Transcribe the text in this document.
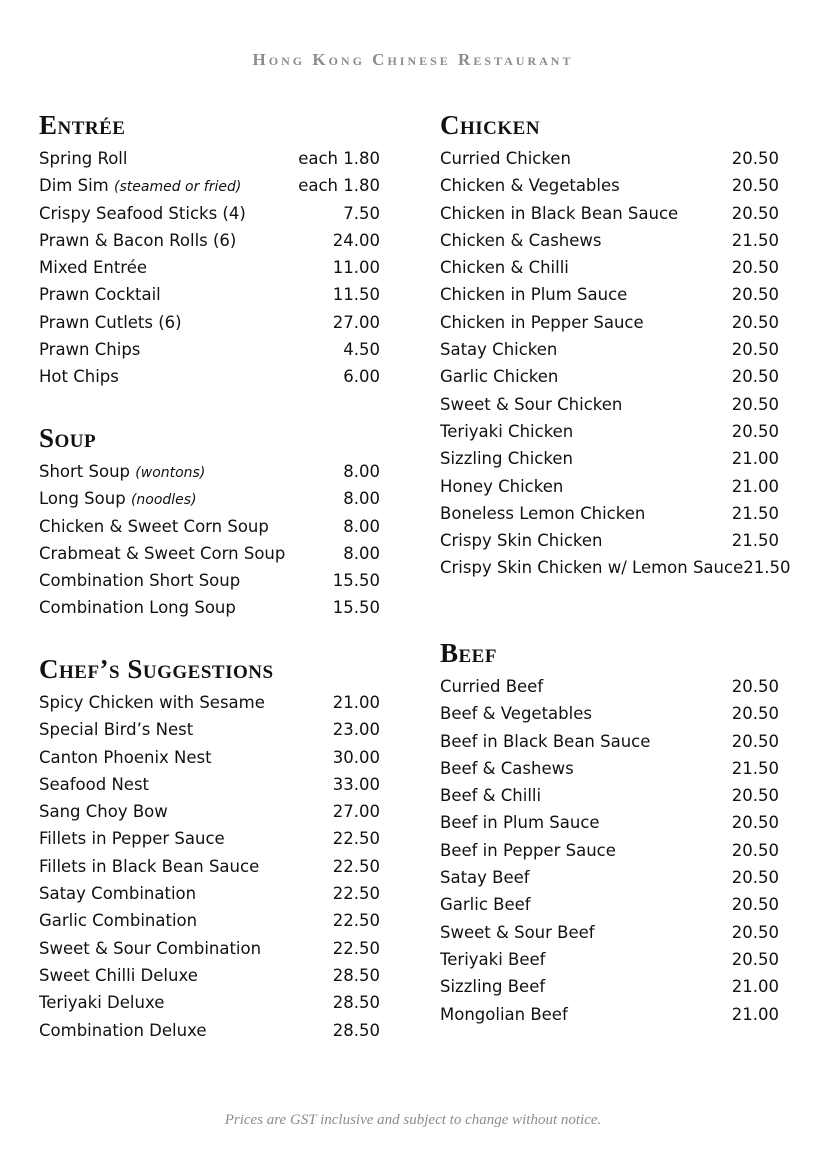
Hong Kong Chinese Restaurant
Entrée
Spring Roll	each 1.80
Dim Sim (steamed or fried)	each 1.80
Crispy Seafood Sticks (4)	7.50
Prawn & Bacon Rolls (6)	24.00
Mixed Entrée	11.00
Prawn Cocktail	11.50
Prawn Cutlets (6)	27.00
Prawn Chips	4.50
Hot Chips	6.00
Soup
Short Soup (wontons)	8.00
Long Soup (noodles)	8.00
Chicken & Sweet Corn Soup	8.00
Crabmeat & Sweet Corn Soup	8.00
Combination Short Soup	15.50
Combination Long Soup	15.50
Chef’s Suggestions
Spicy Chicken with Sesame	21.00
Special Bird’s Nest	23.00
Canton Phoenix Nest	30.00
Seafood Nest	33.00
Sang Choy Bow	27.00
Fillets in Pepper Sauce	22.50
Fillets in Black Bean Sauce	22.50
Satay Combination	22.50
Garlic Combination	22.50
Sweet & Sour Combination	22.50
Sweet Chilli Deluxe	28.50
Teriyaki Deluxe	28.50
Combination Deluxe	28.50
Chicken
Curried Chicken	20.50
Chicken & Vegetables	20.50
Chicken in Black Bean Sauce	20.50
Chicken & Cashews	21.50
Chicken & Chilli	20.50
Chicken in Plum Sauce	20.50
Chicken in Pepper Sauce	20.50
Satay Chicken	20.50
Garlic Chicken	20.50
Sweet & Sour Chicken	20.50
Teriyaki Chicken	20.50
Sizzling Chicken	21.00
Honey Chicken	21.00
Boneless Lemon Chicken	21.50
Crispy Skin Chicken	21.50
Crispy Skin Chicken w/ Lemon Sauce 21.50
Beef
Curried Beef	20.50
Beef & Vegetables	20.50
Beef in Black Bean Sauce	20.50
Beef & Cashews	21.50
Beef & Chilli	20.50
Beef in Plum Sauce	20.50
Beef in Pepper Sauce	20.50
Satay Beef	20.50
Garlic Beef	20.50
Sweet & Sour Beef	20.50
Teriyaki Beef	20.50
Sizzling Beef	21.00
Mongolian Beef	21.00
Prices are GST inclusive and subject to change without notice.
